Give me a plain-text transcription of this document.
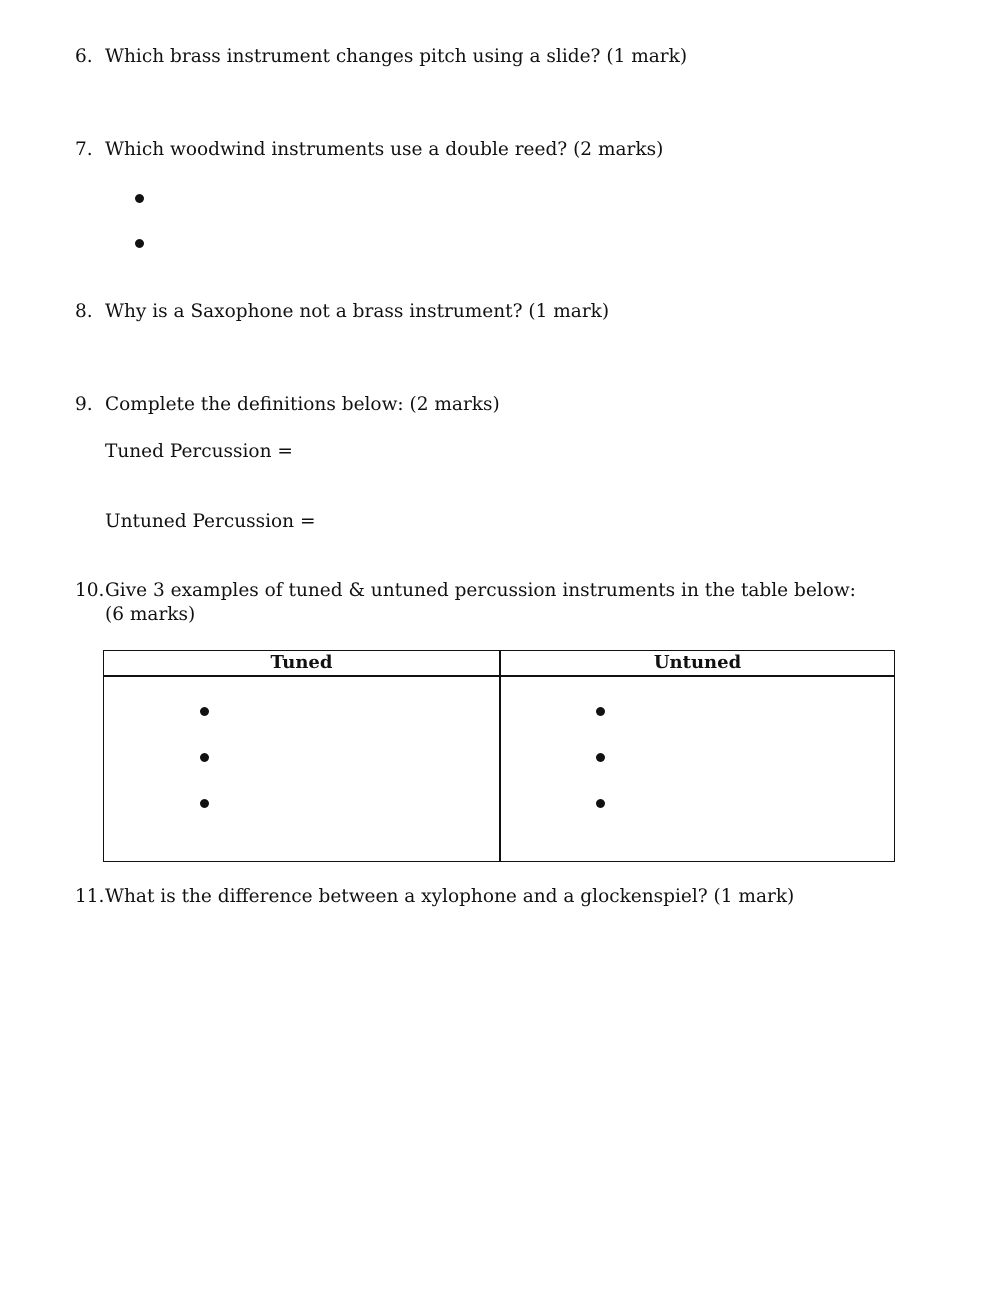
6. Which brass instrument changes pitch using a slide? (1 mark)
7. Which woodwind instruments use a double reed? (2 marks)
8. Why is a Saxophone not a brass instrument? (1 mark)
9. Complete the definitions below: (2 marks)
Tuned Percussion =
Untuned Percussion =
10. Give 3 examples of tuned & untuned percussion instruments in the table below:
(6 marks)
Tuned	Untuned
11. What is the difference between a xylophone and a glockenspiel? (1 mark)
